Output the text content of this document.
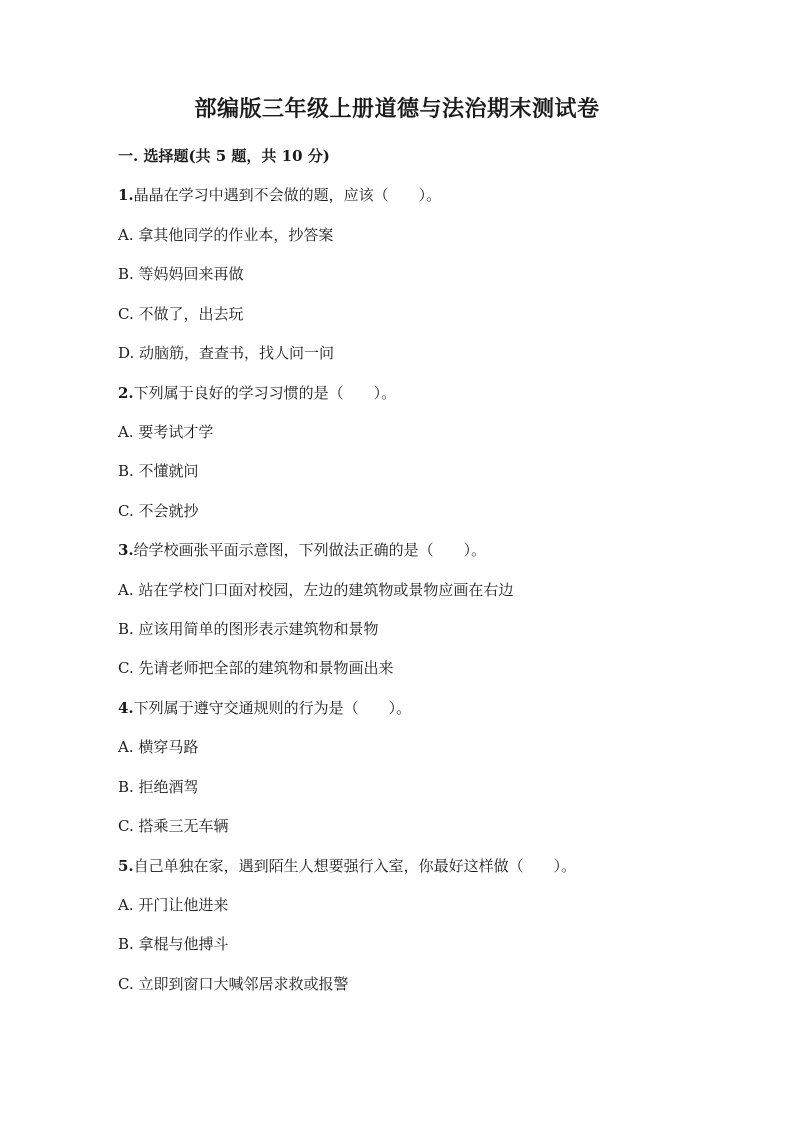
部编版三年级上册道德与法治期末测试卷
一. 选择题(共 5 题，共 10 分)
1.晶晶在学习中遇到不会做的题，应该（　　）。
A. 拿其他同学的作业本，抄答案
B. 等妈妈回来再做
C. 不做了，出去玩
D. 动脑筋，查查书，找人问一问
2.下列属于良好的学习习惯的是（　　）。
A. 要考试才学
B. 不懂就问
C. 不会就抄
3.给学校画张平面示意图，下列做法正确的是（　　）。
A. 站在学校门口面对校园，左边的建筑物或景物应画在右边
B. 应该用简单的图形表示建筑物和景物
C. 先请老师把全部的建筑物和景物画出来
4.下列属于遵守交通规则的行为是（　　）。
A. 横穿马路
B. 拒绝酒驾
C. 搭乘三无车辆
5.自己单独在家，遇到陌生人想要强行入室，你最好这样做（　　）。
A. 开门让他进来
B. 拿棍与他搏斗
C. 立即到窗口大喊邻居求救或报警
